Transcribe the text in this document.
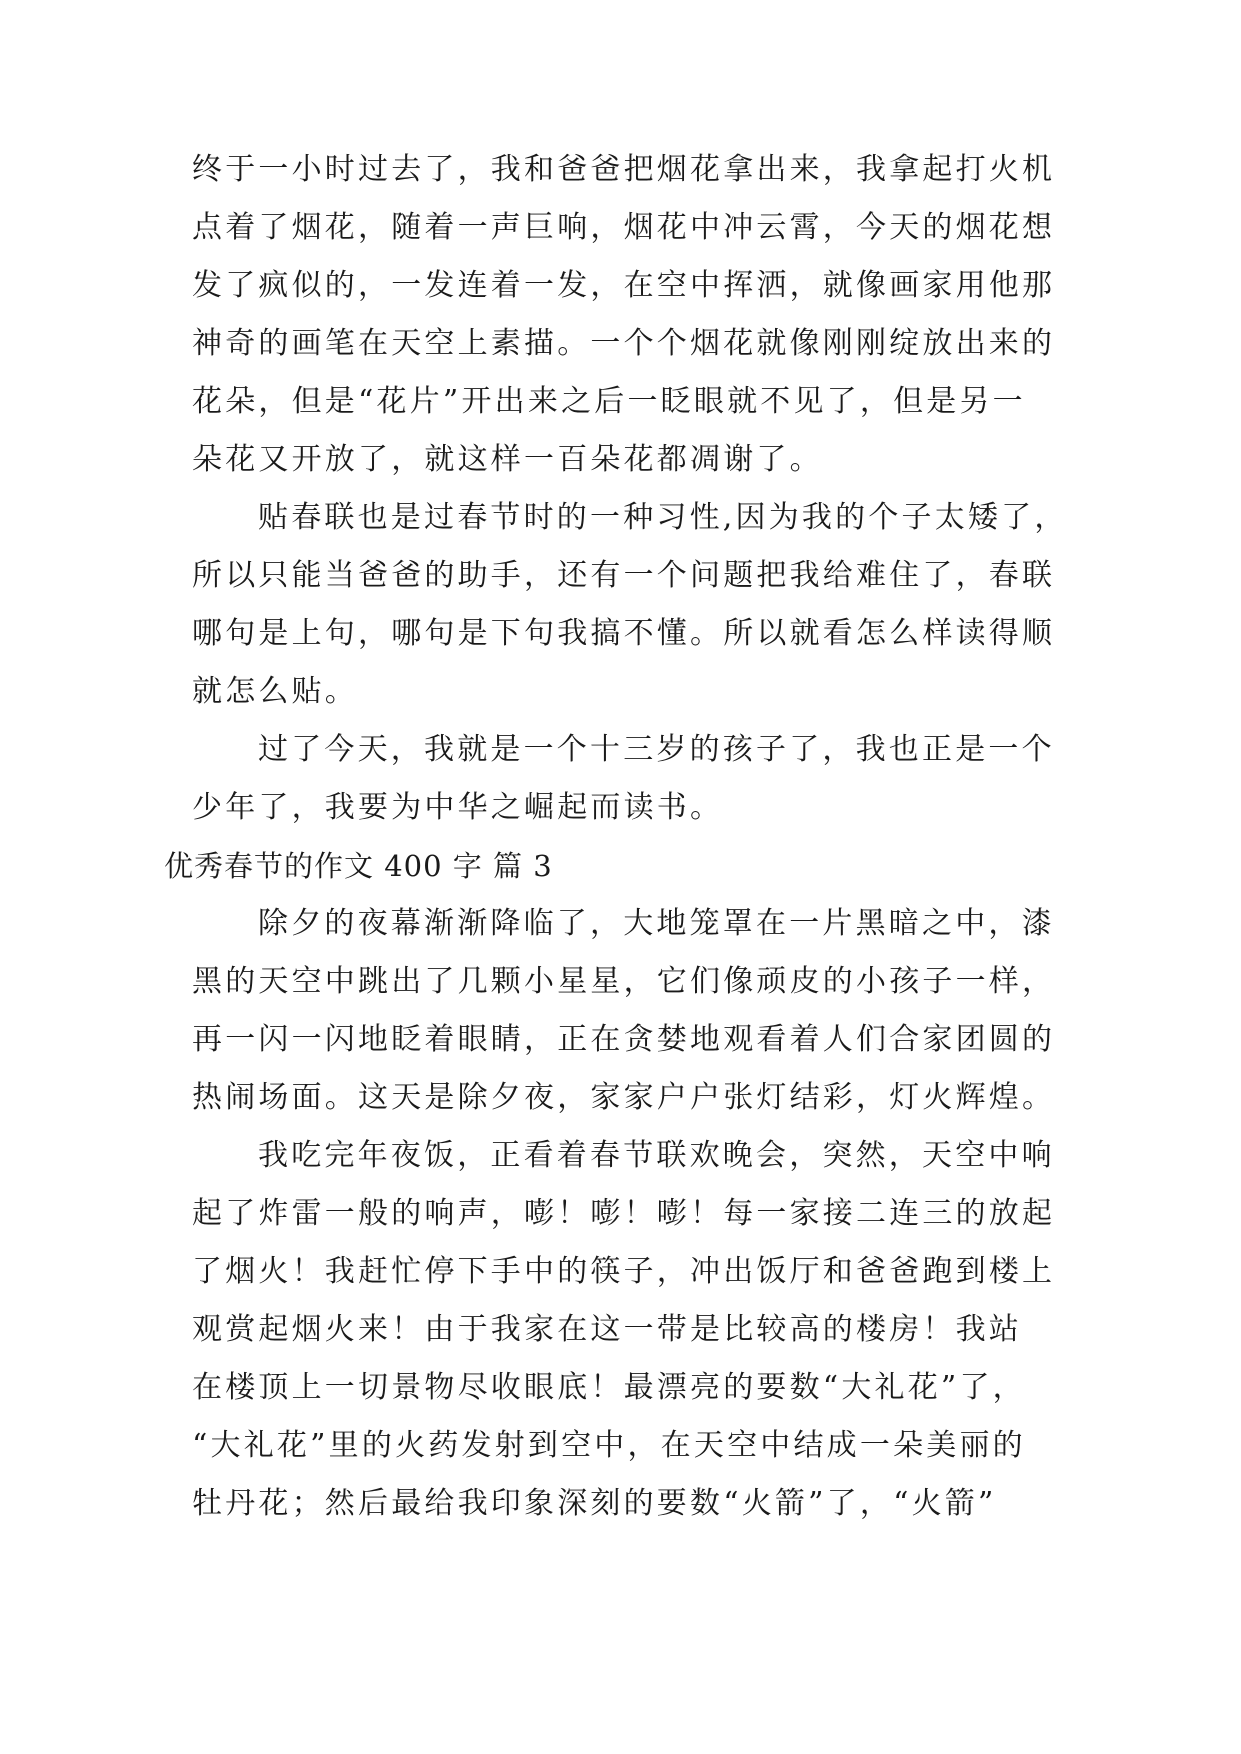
终于一小时过去了，我和爸爸把烟花拿出来，我拿起打火机
点着了烟花，随着一声巨响，烟花中冲云霄，今天的烟花想
发了疯似的，一发连着一发，在空中挥洒，就像画家用他那
神奇的画笔在天空上素描。一个个烟花就像刚刚绽放出来的
花朵，但是“花片”开出来之后一眨眼就不见了，但是另一
朵花又开放了，就这样一百朵花都凋谢了。
贴春联也是过春节时的一种习性,因为我的个子太矮了，
所以只能当爸爸的助手，还有一个问题把我给难住了，春联
哪句是上句，哪句是下句我搞不懂。所以就看怎么样读得顺
就怎么贴。
过了今天，我就是一个十三岁的孩子了，我也正是一个
少年了，我要为中华之崛起而读书。
优秀春节的作文 400 字 篇 3
除夕的夜幕渐渐降临了，大地笼罩在一片黑暗之中，漆
黑的天空中跳出了几颗小星星，它们像顽皮的小孩子一样，
再一闪一闪地眨着眼睛，正在贪婪地观看着人们合家团圆的
热闹场面。这天是除夕夜，家家户户张灯结彩，灯火辉煌。
我吃完年夜饭，正看着春节联欢晚会，突然，天空中响
起了炸雷一般的响声，嘭！嘭！嘭！每一家接二连三的放起
了烟火！我赶忙停下手中的筷子，冲出饭厅和爸爸跑到楼上
观赏起烟火来！由于我家在这一带是比较高的楼房！我站
在楼顶上一切景物尽收眼底！最漂亮的要数“大礼花”了，
“大礼花”里的火药发射到空中，在天空中结成一朵美丽的
牡丹花；然后最给我印象深刻的要数“火箭”了，“火箭”
